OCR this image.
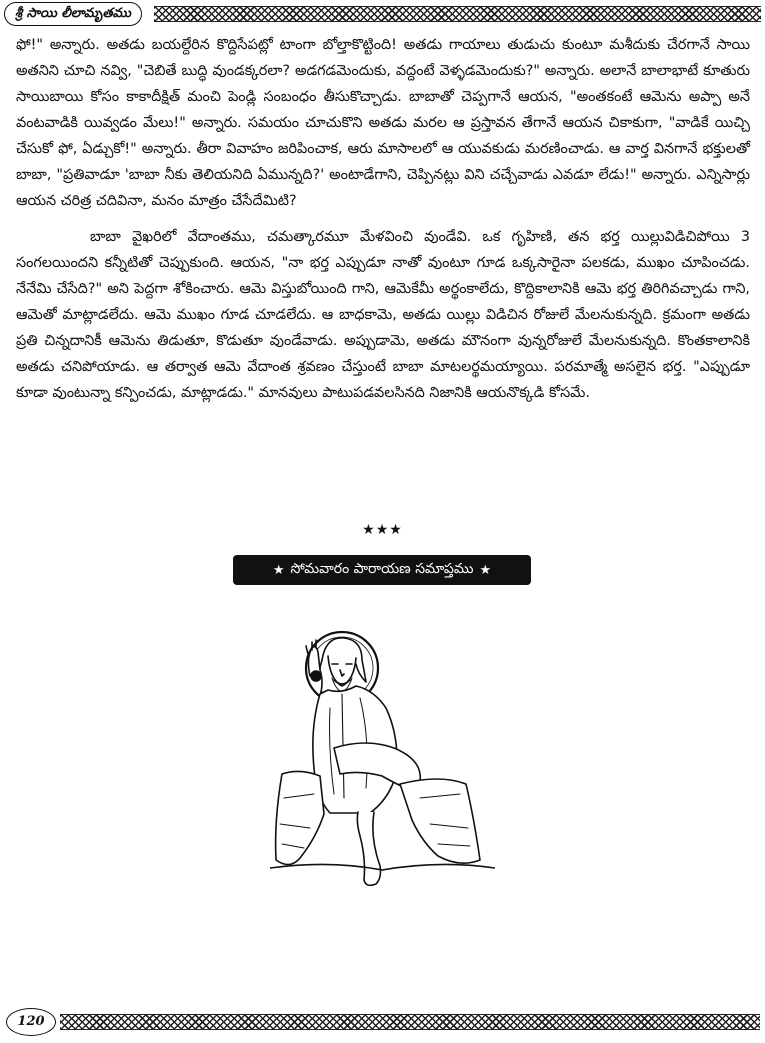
శ్రీ సాయి లీలామృతము

ఫో!" అన్నారు. అతడు బయల్దేరిన కొద్దిసేపట్లో టాంగా బోల్తాకొట్టింది! అతడు గాయాలు తుడుచు కుంటూ మశీదుకు చేరగానే సాయి అతనిని చూచి నవ్వి, "చెబితే బుద్ధి వుండక్కరలా? అడగడమెందుకు, వద్దంటే వెళ్ళడమెందుకు?" అన్నారు. అలానే బాలాభాటే కూతురు సాయిబాయి కోసం కాకాదీక్షిత్ మంచి పెండ్లి సంబంధం తీసుకొచ్చాడు. బాబాతో చెప్పగానే ఆయన, "అంతకంటే ఆమెను అప్పా అనే వంటవాడికి యివ్వడం మేలు!" అన్నారు. సమయం చూచుకొని అతడు మరల ఆ ప్రస్తావన తేగానే ఆయన చికాకుగా, "వాడికే యిచ్చి చేసుకో ఫో, ఏడ్చుకో!" అన్నారు. తీరా వివాహం జరిపించాక, ఆరు మాసాలలో ఆ యువకుడు మరణించాడు. ఆ వార్త వినగానే భక్తులతో బాబా, "ప్రతివాడూ 'బాబా నీకు తెలియనిది ఏమున్నది?' అంటాడేగాని, చెప్పినట్లు విని చచ్చేవాడు ఎవడూ లేడు!" అన్నారు. ఎన్నిసార్లు ఆయన చరిత్ర చదివినా, మనం మాత్రం చేసేదేమిటి?

బాబా వైఖరిలో వేదాంతము, చమత్కారమూ మేళవించి వుండేవి. ఒక గృహిణి, తన భర్త యిల్లువిడిచిపోయి 3 సంగలయిందని కన్నీటితో చెప్పుకుంది. ఆయన, "నా భర్త ఎప్పుడూ నాతో వుంటూ గూడ ఒక్కసారైనా పలకడు, ముఖం చూపించడు. నేనేమి చేసేది?" అని పెద్దగా శోకించారు. ఆమె విస్తుబోయింది గాని, ఆమెకేమీ అర్థంకాలేదు, కొద్దికాలానికి ఆమె భర్త తిరిగివచ్చాడు గాని, ఆమెతో మాట్లాడలేదు. ఆమె ముఖం గూడ చూడలేదు. ఆ బాధకామె, అతడు యిల్లు విడిచిన రోజులే మేలనుకున్నది. క్రమంగా అతడు ప్రతి చిన్నదానికీ ఆమెను తిడుతూ, కొడుతూ వుండేవాడు. అప్పుడామె, అతడు మౌనంగా వున్నరోజులే మేలనుకున్నది. కొంతకాలానికి అతడు చనిపోయాడు. ఆ తర్వాత ఆమె వేదాంత శ్రవణం చేస్తుంటే బాబా మాటలర్థమయ్యాయి. పరమాత్మే అసలైన భర్త. "ఎప్పుడూ కూడా వుంటున్నా కన్పించడు, మాట్లాడడు." మానవులు పాటుపడవలసినది నిజానికి ఆయనొక్కడి కోసమే.

★★★
★ సోమవారం పారాయణ సమాప్తము ★
120
